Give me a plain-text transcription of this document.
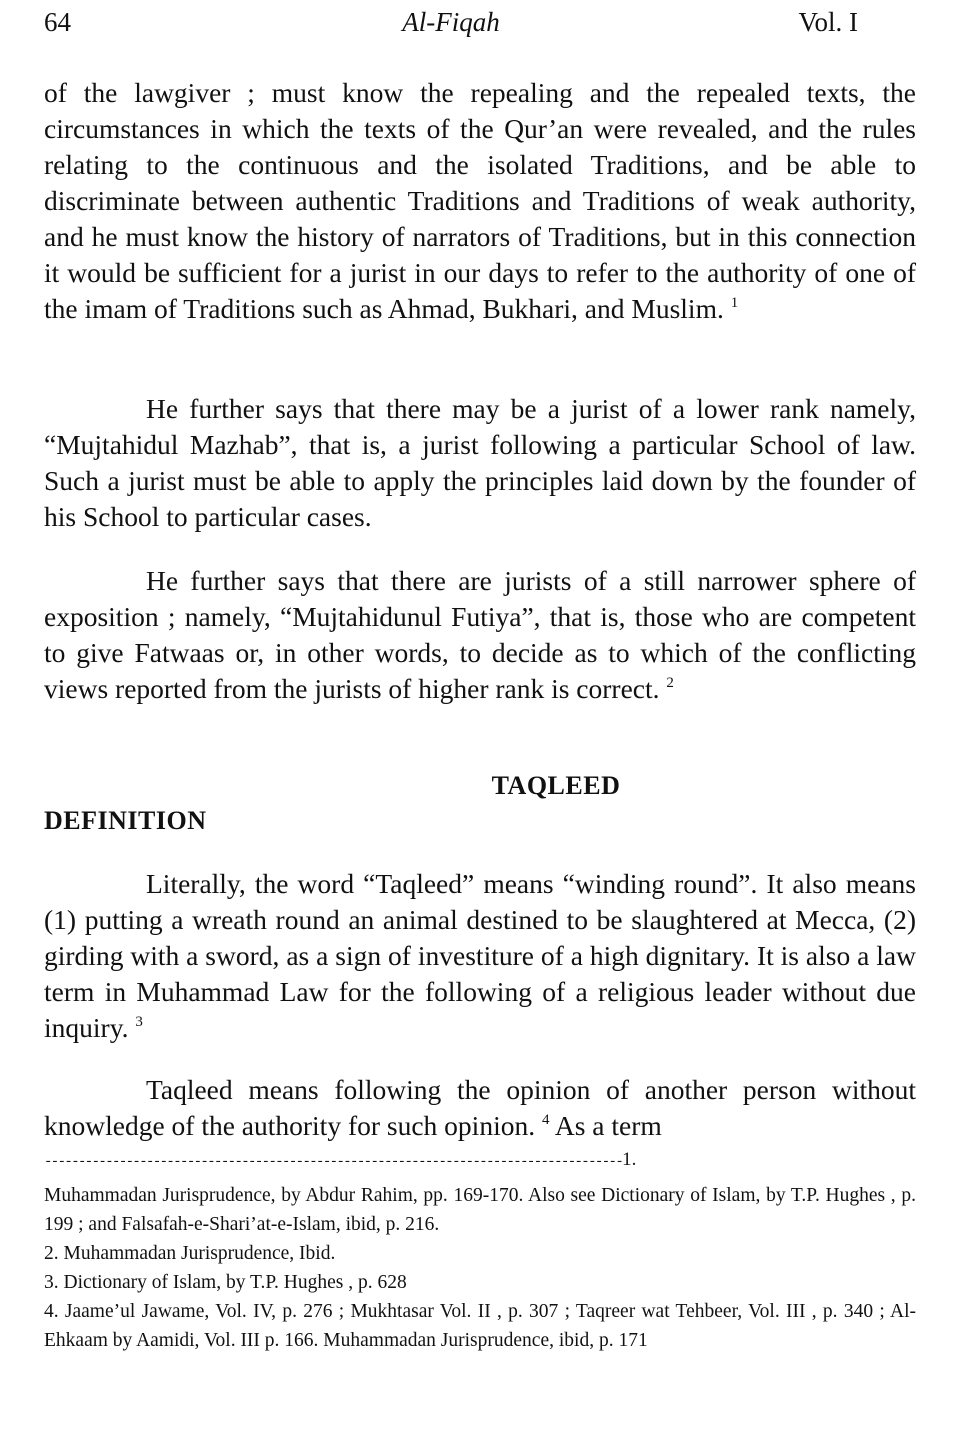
64	Al-Fiqah	Vol. I

of the lawgiver ; must know the repealing and the repealed texts, the circumstances in which the texts of the Qur’an were revealed, and the rules relating to the continuous and the isolated Traditions, and be able to discriminate between authentic Traditions and Traditions of weak authority, and he must know the history of narrators of Traditions, but in this connection it would be sufficient for a jurist in our days to refer to the authority of one of the imam of Traditions such as Ahmad, Bukhari, and Muslim. $^1$

He further says that there may be a jurist of a lower rank namely, “Mujtahidul Mazhab”, that is, a jurist following a particular School of law. Such a jurist must be able to apply the principles laid down by the founder of his School to particular cases.

He further says that there are jurists of a still narrower sphere of exposition ; namely, “Mujtahidunul Futiya”, that is, those who are competent to give Fatwaas or, in other words, to decide as to which of the conflicting views reported from the jurists of higher rank is correct. $^2$

TAQLEED
DEFINITION

Literally, the word “Taqleed” means “winding round”. It also means (1) putting a wreath round an animal destined to be slaughtered at Mecca, (2) girding with a sword, as a sign of investiture of a high dignitary. It is also a law term in Muhammad Law for the following of a religious leader without due inquiry. $^3$

Taqleed means following the opinion of another person without knowledge of the authority for such opinion. $^4$ As a term

-------------------------------------------------------------------------------------1.

Muhammadan Jurisprudence, by Abdur Rahim, pp. 169-170. Also see Dictionary of Islam, by T.P. Hughes , p. 199 ; and Falsafah-e-Shari’at-e-Islam, ibid, p. 216.

2. Muhammadan Jurisprudence, Ibid.

3. Dictionary of Islam, by T.P. Hughes , p. 628

4. Jaame’ul Jawame, Vol. IV, p. 276 ; Mukhtasar Vol. II , p. 307 ; Taqreer wat Tehbeer, Vol. III , p. 340 ; Al-Ehkaam by Aamidi, Vol. III p. 166. Muhammadan Jurisprudence, ibid, p. 171
